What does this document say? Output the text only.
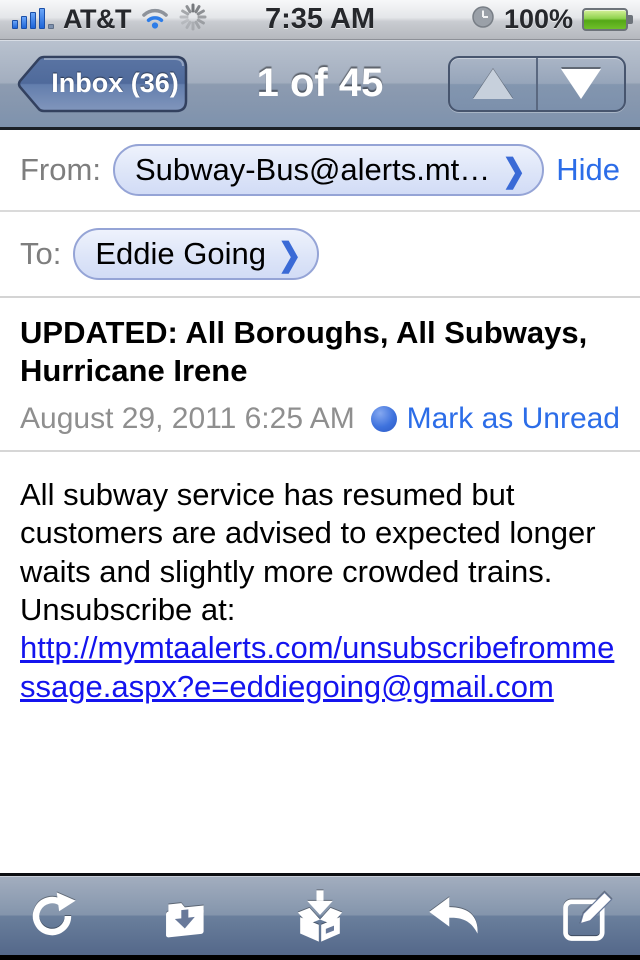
AT&T	7:35 AM	100%
1 of 45
Inbox (36)
From: Subway-Bus@alerts.mt… ❯ Hide
To: Eddie Going ❯
UPDATED: All Boroughs, All Subways, Hurricane Irene
August 29, 2011 6:25 AM Mark as Unread

All subway service has resumed but customers are advised to expected longer waits and slightly more crowded trains.

Unsubscribe at:

http://mymtaalerts.com/unsubscribefrommessage.aspx?e=eddiegoing@gmail.com
